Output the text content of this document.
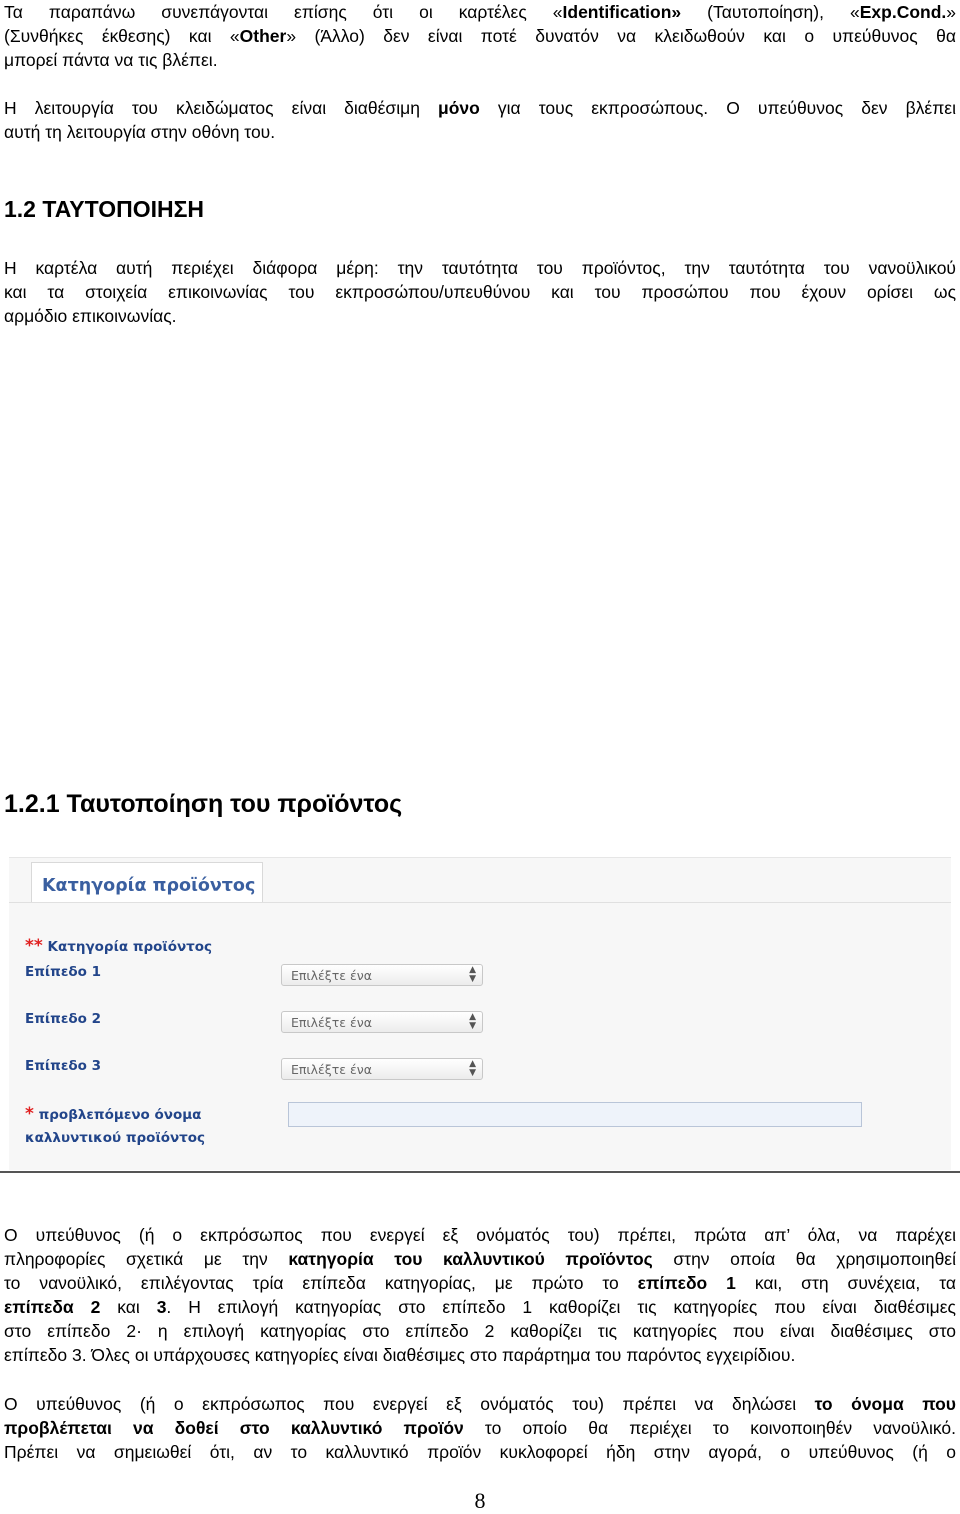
Τα παραπάνω συνεπάγονται επίσης ότι οι καρτέλες «Identification» (Ταυτοποίηση), «Exp.Cond.»
(Συνθήκες έκθεσης) και «Other» (Άλλο) δεν είναι ποτέ δυνατόν να κλειδωθούν και ο υπεύθυνος θα
μπορεί πάντα να τις βλέπει.
Η λειτουργία του κλειδώματος είναι διαθέσιμη μόνο για τους εκπροσώπους. Ο υπεύθυνος δεν βλέπει
αυτή τη λειτουργία στην οθόνη του.
1.2 ΤΑΥΤΟΠΟΙΗΣΗ
Η καρτέλα αυτή περιέχει διάφορα μέρη: την ταυτότητα του προϊόντος, την ταυτότητα του νανοϋλικού
και τα στοιχεία επικοινωνίας του εκπροσώπου/υπευθύνου και του προσώπου που έχουν ορίσει ως
αρμόδιο επικοινωνίας.
1.2.1 Ταυτοποίηση του προϊόντος
Κατηγορία προϊόντος
** Κατηγορία προϊόντος
Επίπεδο 1	Επιλέξτε ένα	▲
▼
Επίπεδο 2	Επιλέξτε ένα	▲
▼
Επίπεδο 3	Επιλέξτε ένα	▲
▼
* προβλεπόμενο όνομα
καλλυντικού προϊόντος
Ο υπεύθυνος (ή ο εκπρόσωπος που ενεργεί εξ ονόματός του) πρέπει, πρώτα απ’ όλα, να παρέχει
πληροφορίες σχετικά με την κατηγορία του καλλυντικού προϊόντος στην οποία θα χρησιμοποιηθεί
το νανοϋλικό, επιλέγοντας τρία επίπεδα κατηγορίας, με πρώτο το επίπεδο 1 και, στη συνέχεια, τα
επίπεδα 2 και 3. Η επιλογή κατηγορίας στο επίπεδο 1 καθορίζει τις κατηγορίες που είναι διαθέσιμες
στο επίπεδο 2· η επιλογή κατηγορίας στο επίπεδο 2 καθορίζει τις κατηγορίες που είναι διαθέσιμες στο
επίπεδο 3. Όλες οι υπάρχουσες κατηγορίες είναι διαθέσιμες στο παράρτημα του παρόντος εγχειρίδιου.
Ο υπεύθυνος (ή ο εκπρόσωπος που ενεργεί εξ ονόματός του) πρέπει να δηλώσει το όνομα που
προβλέπεται να δοθεί στο καλλυντικό προϊόν το οποίο θα περιέχει το κοινοποιηθέν νανοϋλικό.
Πρέπει να σημειωθεί ότι, αν το καλλυντικό προϊόν κυκλοφορεί ήδη στην αγορά, ο υπεύθυνος (ή ο
8
